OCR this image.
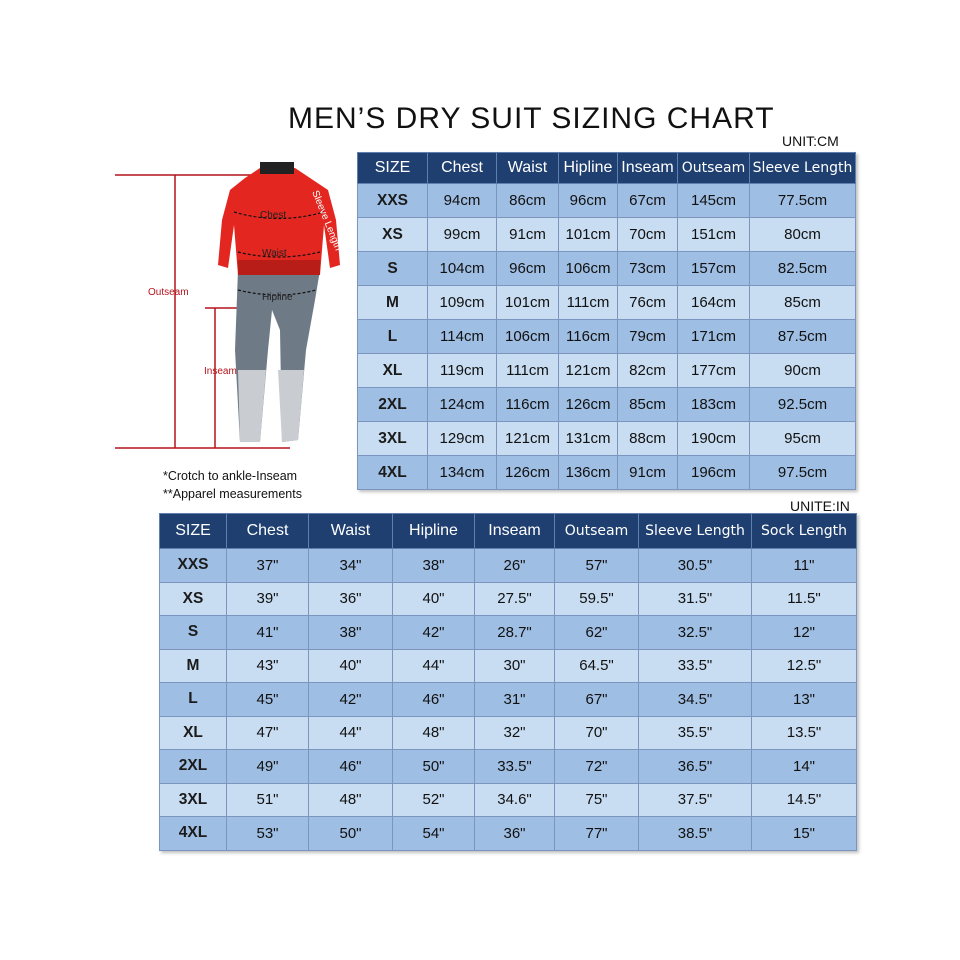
MEN’S DRY SUIT SIZING CHART
UNIT:CM
Chest
Waist
Hipline
Outseam
Inseam
Sleeve Length
*Crotch to ankle-Inseam
**Apparel measurements
SIZE	Chest	Waist	Hipline	Inseam	Outseam	Sleeve Length
XXS	94cm	86cm	96cm	67cm	145cm	77.5cm
XS	99cm	91cm	101cm	70cm	151cm	80cm
S	104cm	96cm	106cm	73cm	157cm	82.5cm
M	109cm	101cm	111cm	76cm	164cm	85cm
L	114cm	106cm	116cm	79cm	171cm	87.5cm
XL	119cm	111cm	121cm	82cm	177cm	90cm
2XL	124cm	116cm	126cm	85cm	183cm	92.5cm
3XL	129cm	121cm	131cm	88cm	190cm	95cm
4XL	134cm	126cm	136cm	91cm	196cm	97.5cm
UNITE:IN
SIZE	Chest	Waist	Hipline	Inseam	Outseam	Sleeve Length	Sock Length
XXS	37"	34"	38"	26"	57"	30.5"	11"
XS	39"	36"	40"	27.5"	59.5"	31.5"	11.5"
S	41"	38"	42"	28.7"	62"	32.5"	12"
M	43"	40"	44"	30"	64.5"	33.5"	12.5"
L	45"	42"	46"	31"	67"	34.5"	13"
XL	47"	44"	48"	32"	70"	35.5"	13.5"
2XL	49"	46"	50"	33.5"	72"	36.5"	14"
3XL	51"	48"	52"	34.6"	75"	37.5"	14.5"
4XL	53"	50"	54"	36"	77"	38.5"	15"
